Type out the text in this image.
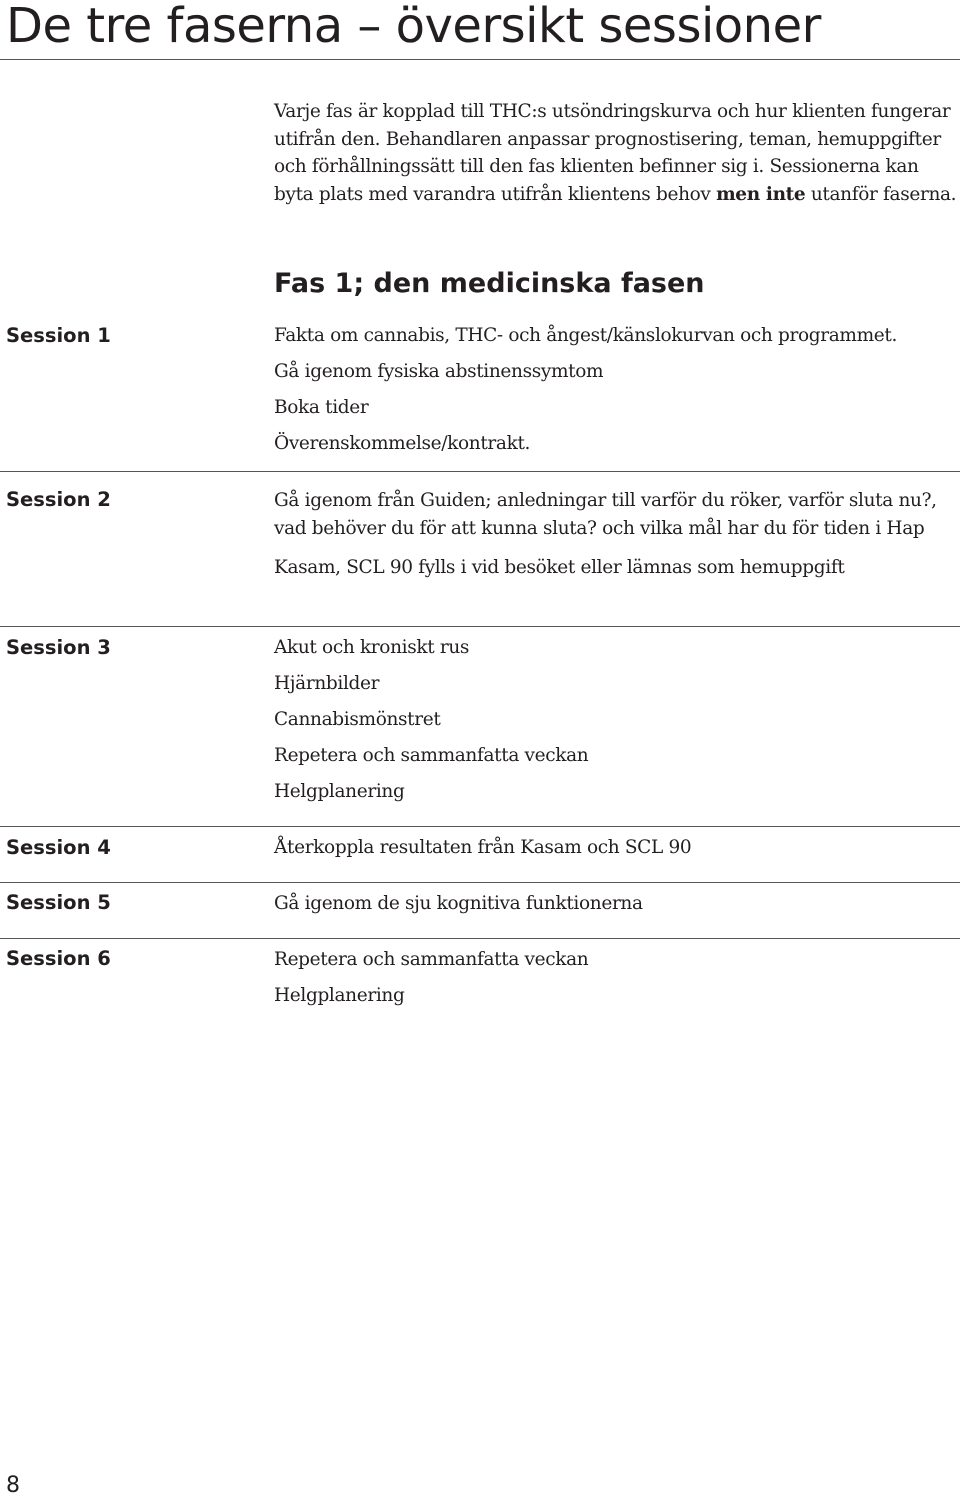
De tre faserna – översikt sessioner

Varje fas är kopplad till THC:s utsöndringskurva och hur klienten fungerar utifrån den. Behandlaren anpassar prognostisering, teman, hemuppgifter och förhållningssätt till den fas klienten befinner sig i. Sessionerna kan byta plats med varandra utifrån klientens behov men inte utanför faserna.

Fas 1; den medicinska fasen
Session 1	Fakta om cannabis, THC- och ångest/känslokurvan och programmet.
Gå igenom fysiska abstinenssymtom
Boka tider
Överenskommelse/kontrakt.
Session 2	Gå igenom från Guiden; anledningar till varför du röker, varför sluta nu?, vad behöver du för att kunna sluta? och vilka mål har du för tiden i Hap
Kasam, SCL 90 fylls i vid besöket eller lämnas som hemuppgift
Session 3	Akut och kroniskt rus
Hjärnbilder
Cannabismönstret
Repetera och sammanfatta veckan
Helgplanering
Session 4	Återkoppla resultaten från Kasam och SCL 90
Session 5	Gå igenom de sju kognitiva funktionerna
Session 6	Repetera och sammanfatta veckan
Helgplanering
8
